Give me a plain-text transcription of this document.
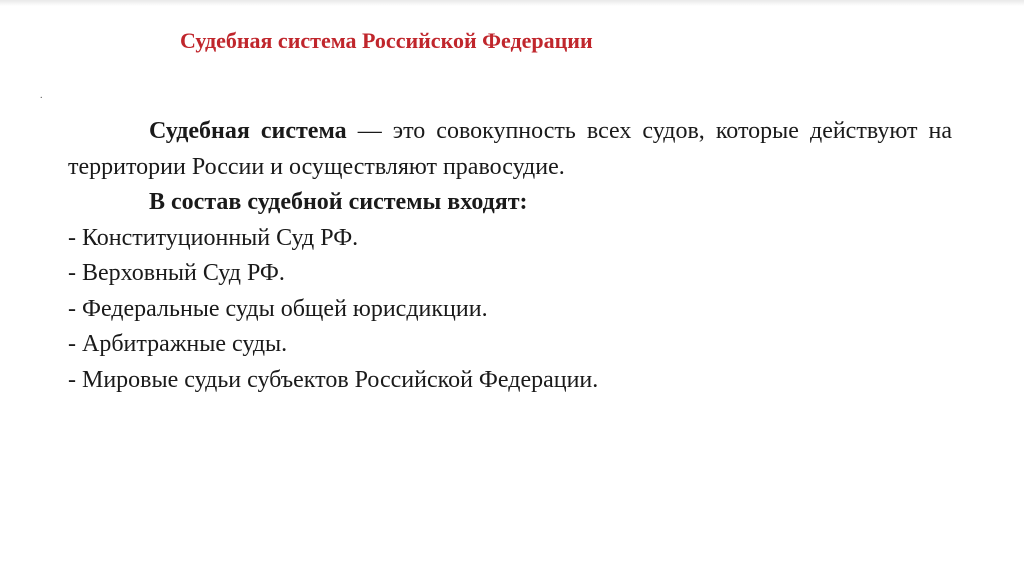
Судебная система Российской Федерации
.

Судебная система — это совокупность всех судов, которые действуют на территории России и осуществляют правосудие.

В состав судебной системы входят:

- Конституционный Суд РФ.
- Верховный Суд РФ.
- Федеральные суды общей юрисдикции.
- Арбитражные суды.
- Мировые судьи субъектов Российской Федерации.
